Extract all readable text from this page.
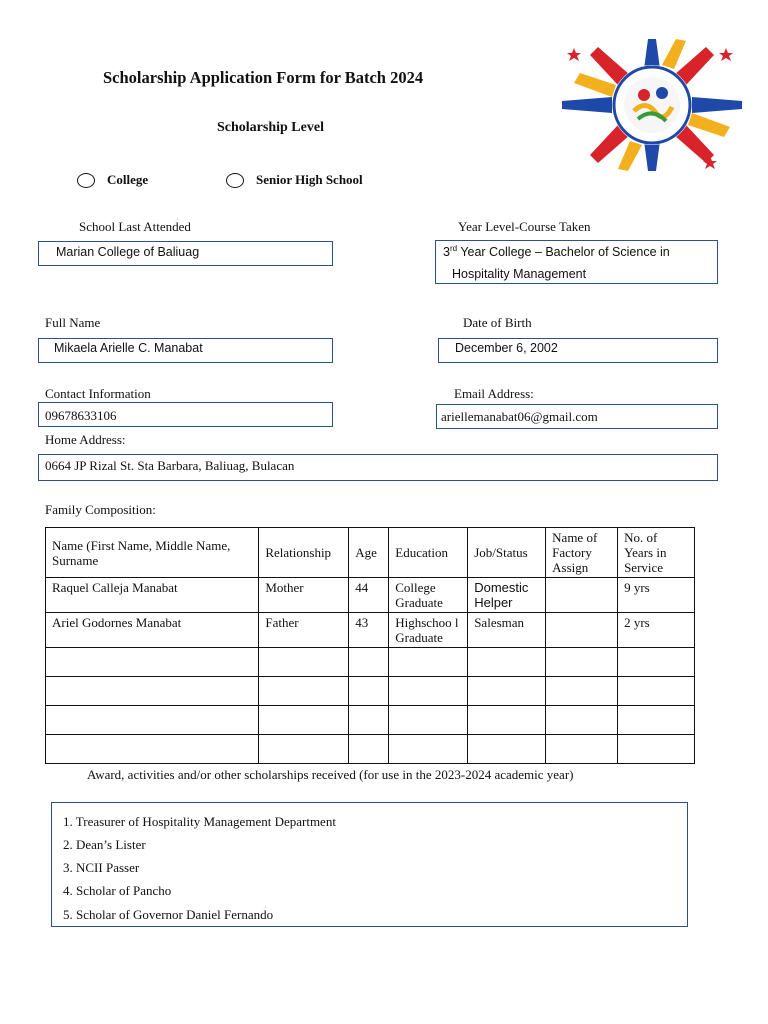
Scholarship Application Form for Batch 2024
Scholarship Level
College	Senior High School
School Last Attended	Year Level-Course Taken
Marian College of Baliuag	3rd Year College – Bachelor of Science in
Hospitality Management
Full Name	Date of Birth
Mikaela Arielle C. Manabat	December 6, 2002
Contact Information	Email Address:
09678633106	ariellemanabat06@gmail.com
Home Address:
0664 JP Rizal St. Sta Barbara, Baliuag, Bulacan
Family Composition:
Name (First Name, Middle Name, Surname	Relationship	Age	Education	Job/Status	Name of Factory Assign	No. of Years in Service
Raquel Calleja Manabat	Mother	44	College Graduate	Domestic Helper		9 yrs
Ariel Godornes Manabat	Father	43	Highschoo l Graduate	Salesman		2 yrs

Award, activities and/or other scholarships received (for use in the 2023-2024 academic year)
1. Treasurer of Hospitality Management Department
2. Dean’s Lister
3. NCII Passer
4. Scholar of Pancho
5. Scholar of Governor Daniel Fernando
